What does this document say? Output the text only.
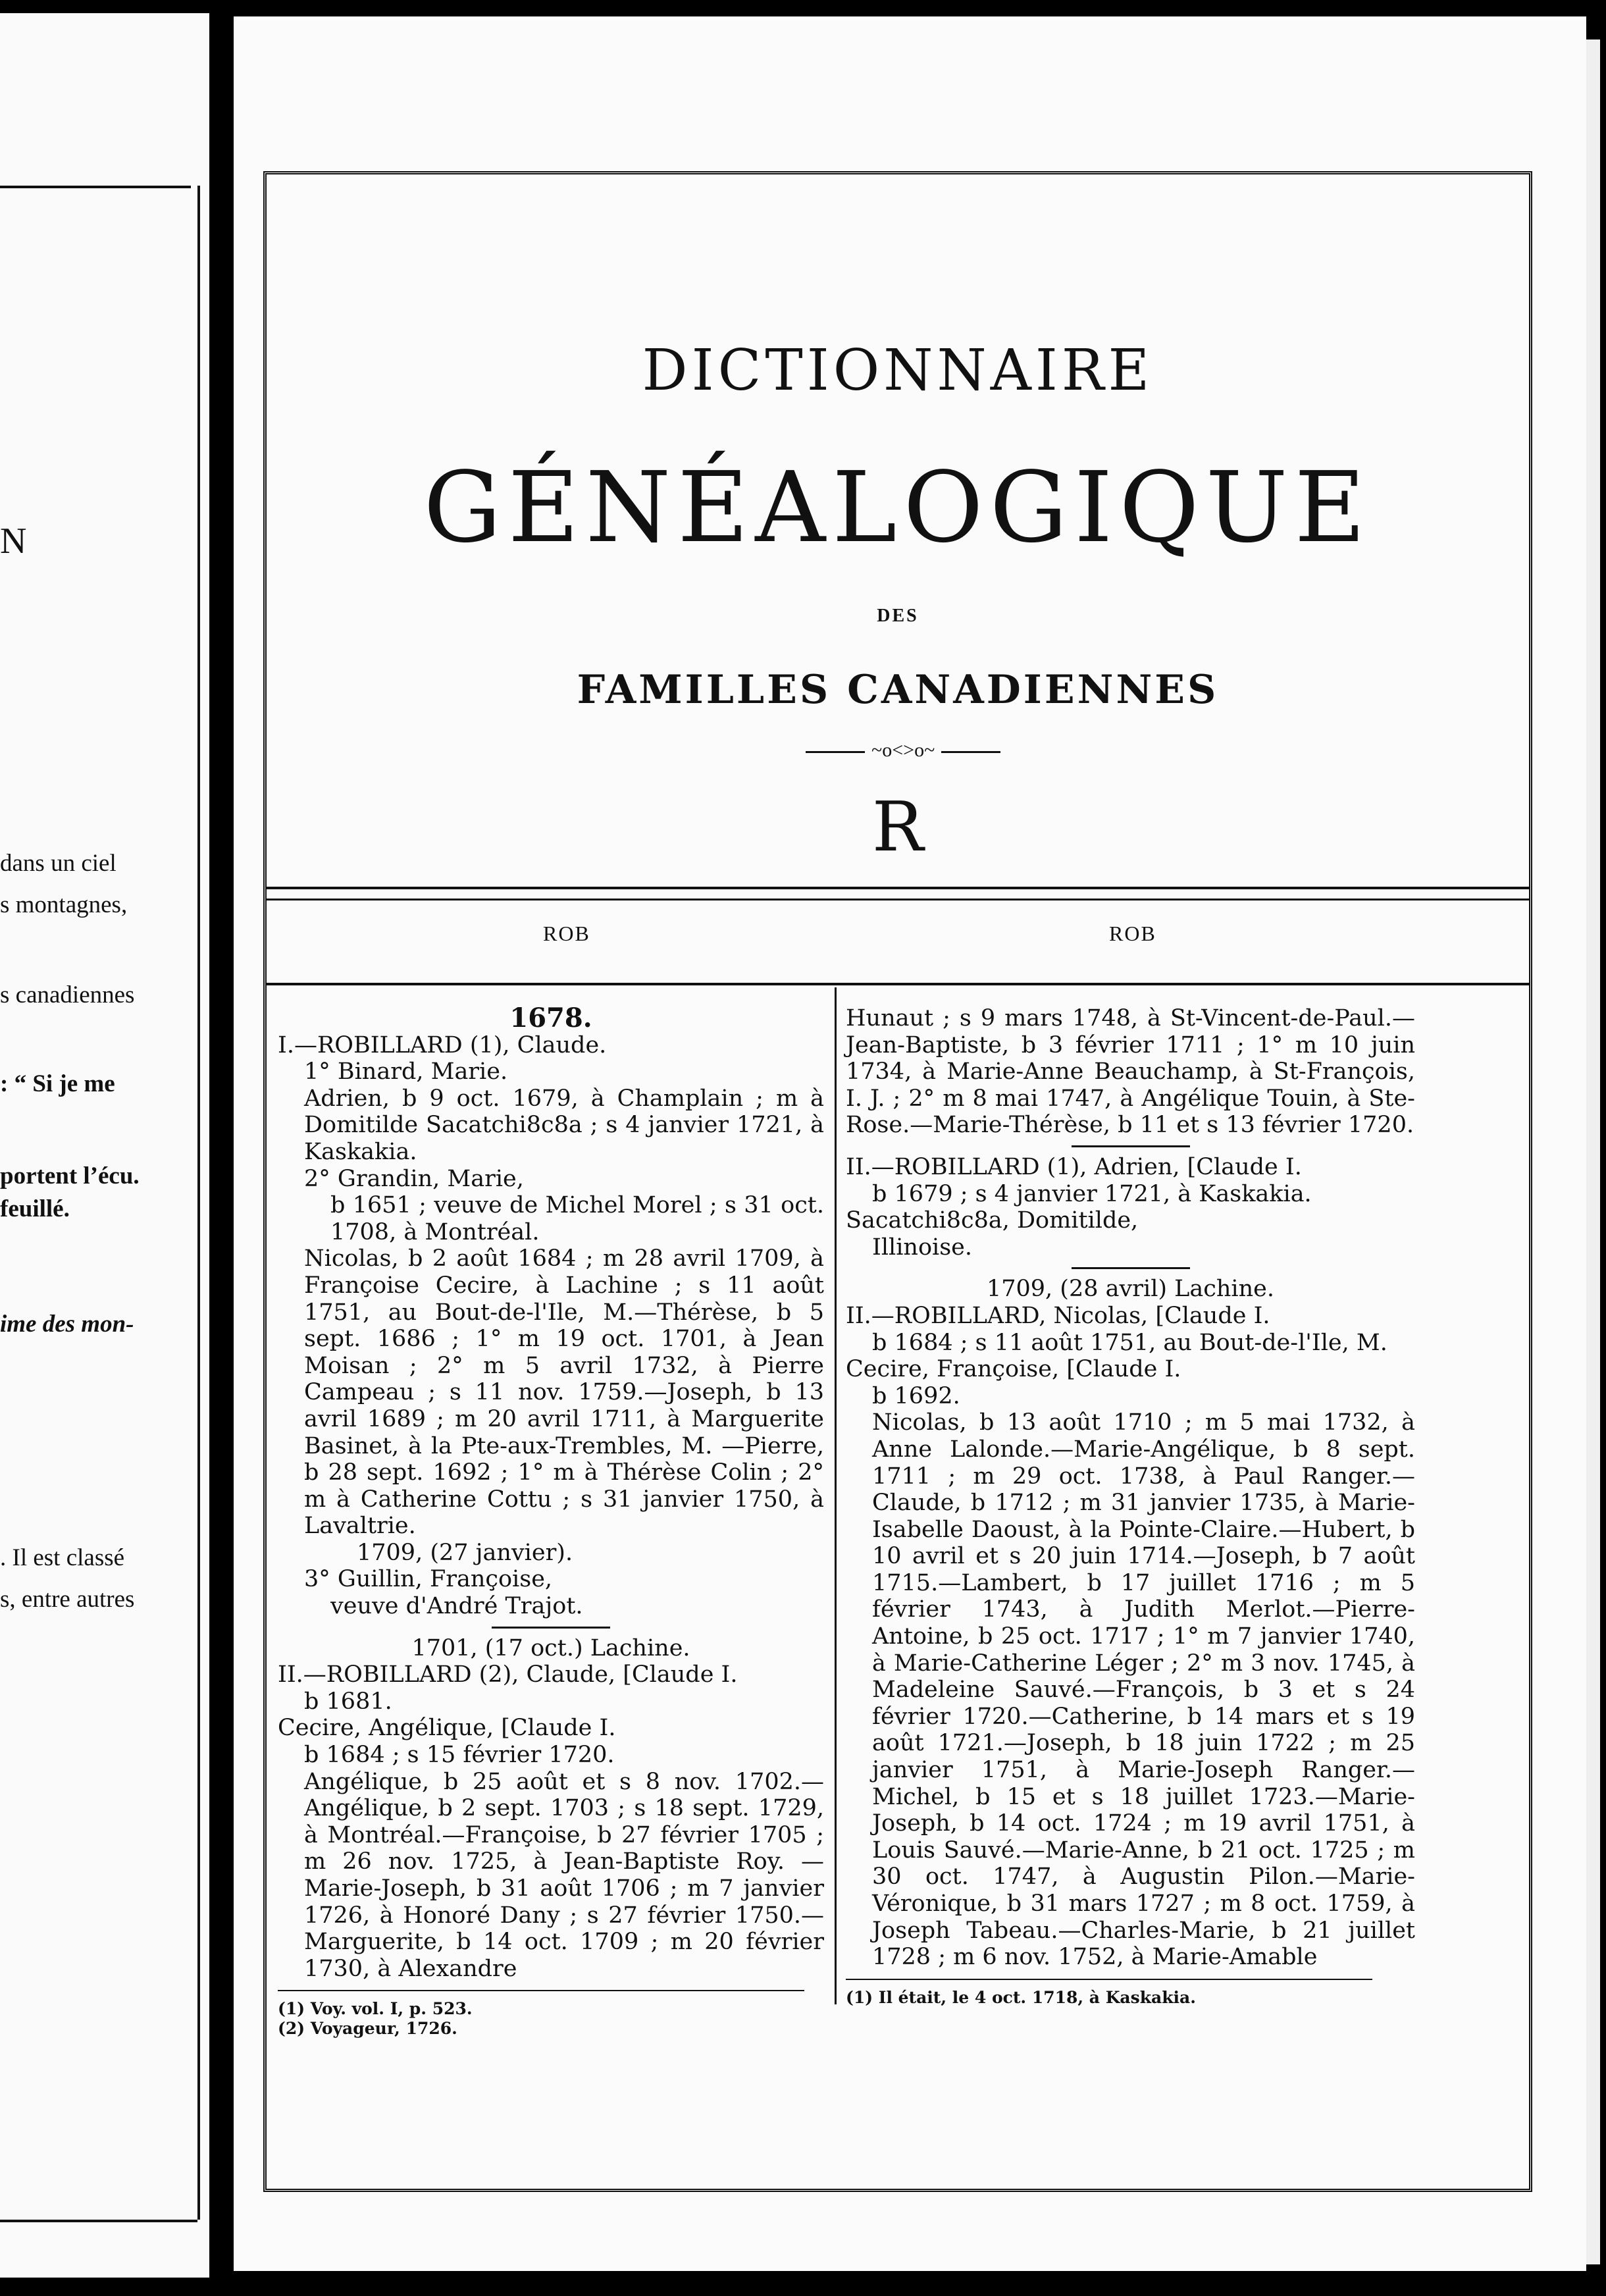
N
dans un ciel
s montagnes,
s canadiennes
: “ Si je me
portent l’écu.
feuillé.
ime des mon-
. Il est classé
s, entre autres
DICTIONNAIRE
GÉNÉALOGIQUE
DES
FAMILLES CANADIENNES
~o<>o~
R
ROB	ROB

1678.

I.—ROBILLARD (1), Claude.

1° Binard, Marie.

Adrien, b 9 oct. 1679, à Champlain ; m à Domitilde Sacatchi8c8a ; s 4 janvier 1721, à Kaskakia.

2° Grandin, Marie,

b 1651 ; veuve de Michel Morel ; s 31 oct. 1708, à Montréal.

Nicolas, b 2 août 1684 ; m 28 avril 1709, à Françoise Cecire, à Lachine ; s 11 août 1751, au Bout-de-l'Ile, M.—Thérèse, b 5 sept. 1686 ; 1° m 19 oct. 1701, à Jean Moisan ; 2° m 5 avril 1732, à Pierre Campeau ; s 11 nov. 1759.—Joseph, b 13 avril 1689 ; m 20 avril 1711, à Marguerite Basinet, à la Pte-aux-Trembles, M. —Pierre, b 28 sept. 1692 ; 1° m à Thérèse Colin ; 2° m à Catherine Cottu ; s 31 janvier 1750, à Lavaltrie.

1709, (27 janvier).

3° Guillin, Françoise,

veuve d'André Trajot.

1701, (17 oct.) Lachine.

II.—ROBILLARD (2), Claude, [Claude I.

b 1681.

Cecire, Angélique, [Claude I.

b 1684 ; s 15 février 1720.

Angélique, b 25 août et s 8 nov. 1702.—Angélique, b 2 sept. 1703 ; s 18 sept. 1729, à Montréal.—Françoise, b 27 février 1705 ; m 26 nov. 1725, à Jean-Baptiste Roy. — Marie-Joseph, b 31 août 1706 ; m 7 janvier 1726, à Honoré Dany ; s 27 février 1750.—Marguerite, b 14 oct. 1709 ; m 20 février 1730, à Alexandre

(1) Voy. vol. I, p. 523.

(2) Voyageur, 1726.

Hunaut ; s 9 mars 1748, à St-Vincent-de-Paul.—Jean-Baptiste, b 3 février 1711 ; 1° m 10 juin 1734, à Marie-Anne Beauchamp, à St-François, I. J. ; 2° m 8 mai 1747, à Angélique Touin, à Ste-Rose.—Marie-Thérèse, b 11 et s 13 février 1720.

II.—ROBILLARD (1), Adrien, [Claude I.

b 1679 ; s 4 janvier 1721, à Kaskakia.

Sacatchi8c8a, Domitilde,

Illinoise.

1709, (28 avril) Lachine.

II.—ROBILLARD, Nicolas, [Claude I.

b 1684 ; s 11 août 1751, au Bout-de-l'Ile, M.

Cecire, Françoise, [Claude I.

b 1692.

Nicolas, b 13 août 1710 ; m 5 mai 1732, à Anne Lalonde.—Marie-Angélique, b 8 sept. 1711 ; m 29 oct. 1738, à Paul Ranger.—Claude, b 1712 ; m 31 janvier 1735, à Marie-Isabelle Daoust, à la Pointe-Claire.—Hubert, b 10 avril et s 20 juin 1714.—Joseph, b 7 août 1715.—Lambert, b 17 juillet 1716 ; m 5 février 1743, à Judith Merlot.—Pierre-Antoine, b 25 oct. 1717 ; 1° m 7 janvier 1740, à Marie-Catherine Léger ; 2° m 3 nov. 1745, à Madeleine Sauvé.—François, b 3 et s 24 février 1720.—Catherine, b 14 mars et s 19 août 1721.—Joseph, b 18 juin 1722 ; m 25 janvier 1751, à Marie-Joseph Ranger.—Michel, b 15 et s 18 juillet 1723.—Marie-Joseph, b 14 oct. 1724 ; m 19 avril 1751, à Louis Sauvé.—Marie-Anne, b 21 oct. 1725 ; m 30 oct. 1747, à Augustin Pilon.—Marie-Véronique, b 31 mars 1727 ; m 8 oct. 1759, à Joseph Tabeau.—Charles-Marie, b 21 juillet 1728 ; m 6 nov. 1752, à Marie-Amable

(1) Il était, le 4 oct. 1718, à Kaskakia.
